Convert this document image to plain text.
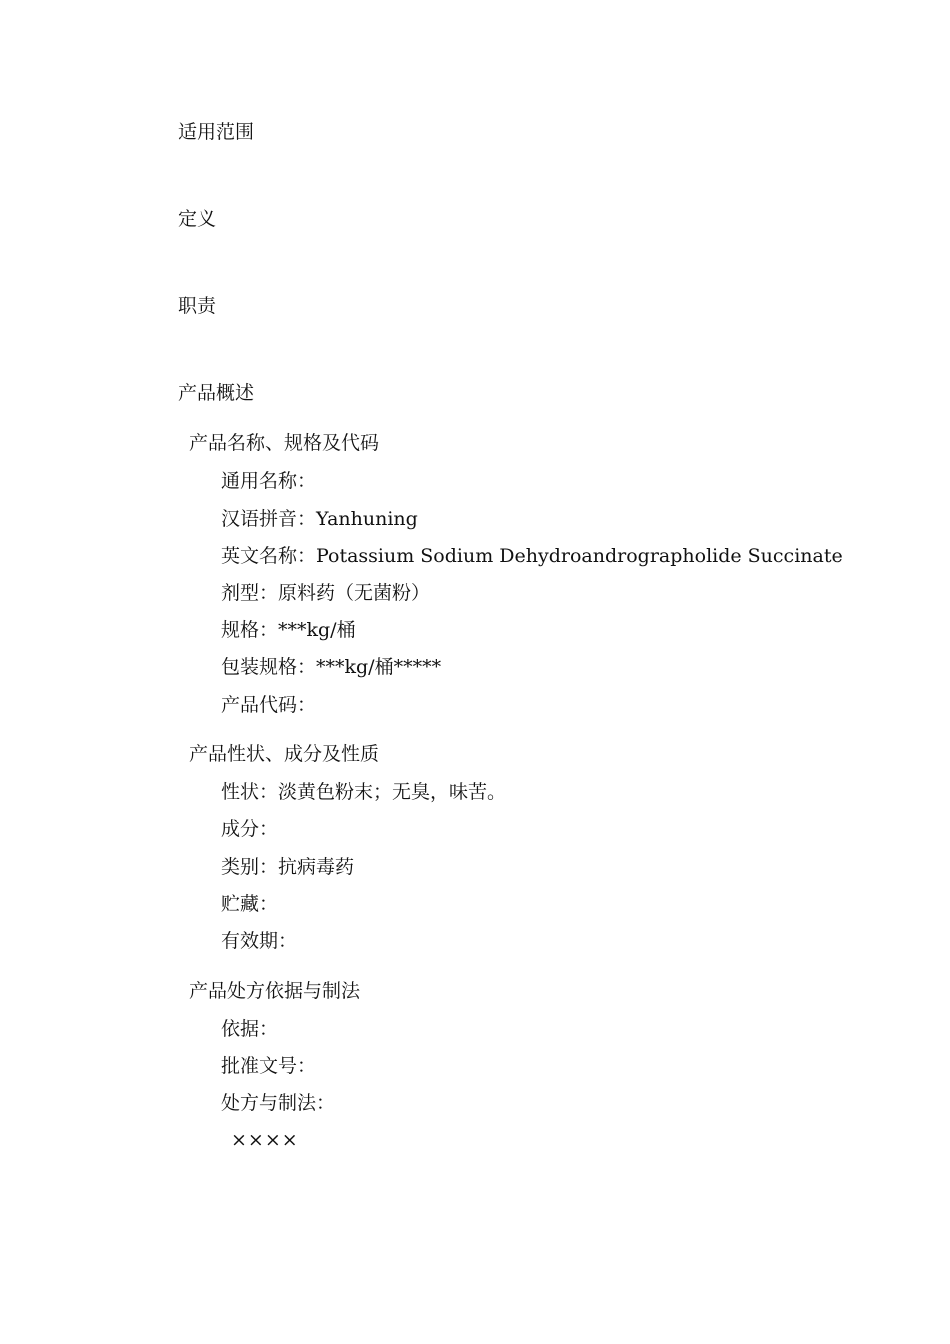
适用范围
定义
职责
产品概述
产品名称、规格及代码
通用名称：
汉语拼音：Yanhuning
英文名称：Potassium Sodium Dehydroandrographolide Succinate
剂型：原料药（无菌粉）
规格：***kg/桶
包装规格：***kg/桶*****
产品代码：
产品性状、成分及性质
性状：淡黄色粉末；无臭，味苦。
成分：
类别：抗病毒药
贮藏：
有效期：
产品处方依据与制法
依据：
批准文号：
处方与制法：
××××
